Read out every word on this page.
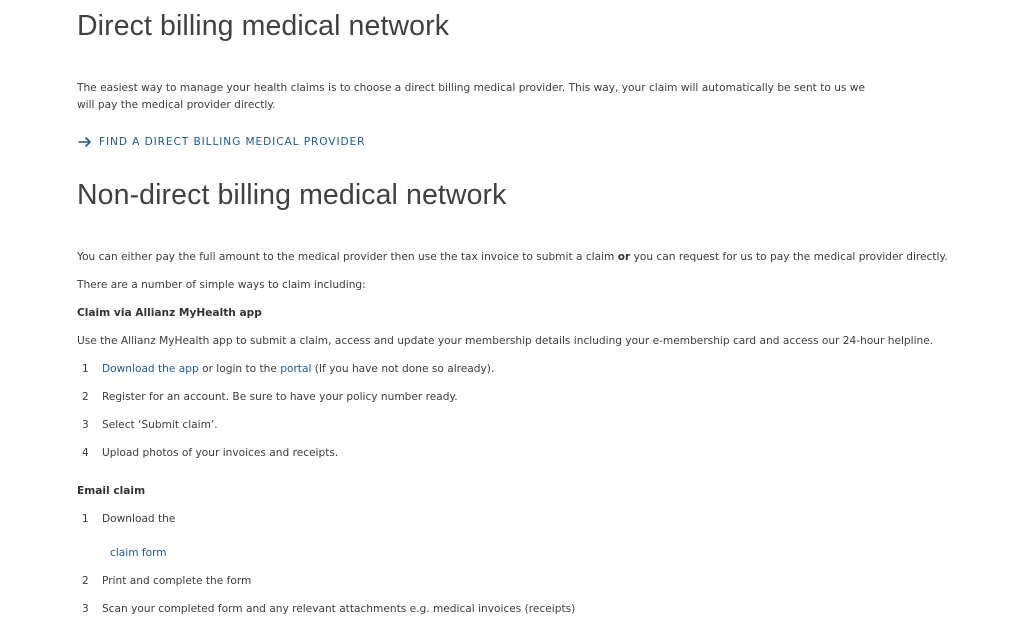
Direct billing medical network

The easiest way to manage your health claims is to choose a direct billing medical provider. This way, your claim will automatically be sent to us we will pay the medical provider directly.

FIND A DIRECT BILLING MEDICAL PROVIDER
Non-direct billing medical network

You can either pay the full amount to the medical provider then use the tax invoice to submit a claim or you can request for us to pay the medical provider directly.

There are a number of simple ways to claim including:

Claim via Allianz MyHealth app

Use the Allianz MyHealth app to submit a claim, access and update your membership details including your e-membership card and access our 24-hour helpline.

1	Download the app or login to the portal (If you have not done so already).
2	Register for an account. Be sure to have your policy number ready.
3	Select ‘Submit claim’.
4	Upload photos of your invoices and receipts.

Email claim

1	Download the
claim form
2	Print and complete the form
3	Scan your completed form and any relevant attachments e.g. medical invoices (receipts)
